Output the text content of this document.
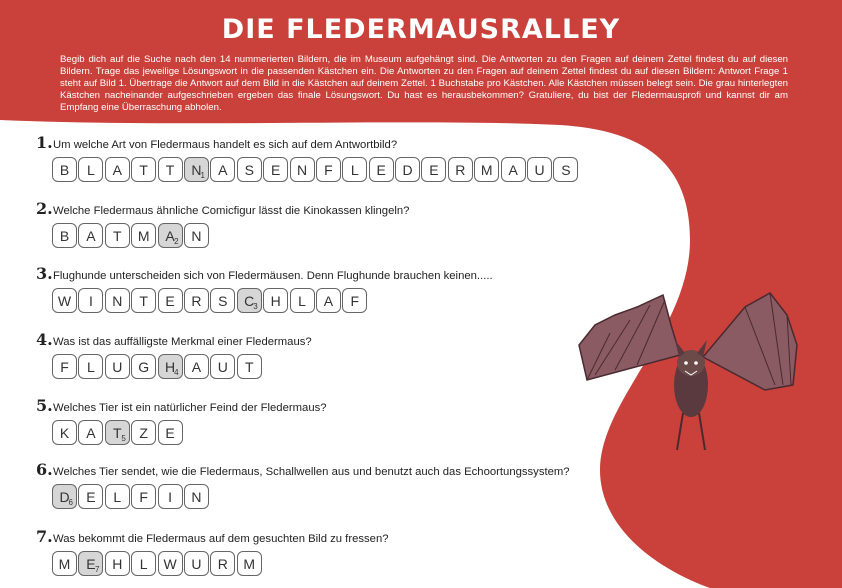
DIE FLEDERMAUSRALLEY
Begib dich auf die Suche nach den 14 nummerierten Bildern, die im Museum aufgehängt sind. Die Antworten zu den Fragen auf deinem Zettel findest du auf diesen Bildern. Trage das jeweilige Lösungswort in die passenden Kästchen ein. Die Antworten zu den Fragen auf deinem Zettel findest du auf diesen Bildern: Antwort Frage 1 steht auf Bild 1. Übertrage die Antwort auf dem Bild in die Kästchen auf deinem Zettel. 1 Buchstabe pro Kästchen. Alle Kästchen müssen belegt sein. Die grau hinterlegten Kästchen nacheinander aufgeschrieben ergeben das finale Lösungswort. Du hast es herausbekommen? Gratuliere, du bist der Fledermausprofi und kannst dir am Empfang eine Überraschung abholen.
1. Um welche Art von Fledermaus handelt es sich auf dem Antwortbild?
B L A T T N
1 A S E N F L E D E R M A U S
2. Welche Fledermaus ähnliche Comicfigur lässt die Kinokassen klingeln?
B A T M A 2 N
3. Flughunde unterscheiden sich von Fledermäusen. Denn Flughunde brauchen keinen.....
W I N T E R S C
3 H L A F
4. Was ist das auffälligste Merkmal einer Fledermaus?
F L U G H
4 A U T
5. Welches Tier ist ein natürlicher Feind der Fledermaus?
K A T 5 Z E
6. Welches Tier sendet, wie die Fledermaus, Schallwellen aus und benutzt auch das Echoortungssystem?
D
6 E L F I N
7. Was bekommt die Fledermaus auf dem gesuchten Bild zu fressen?
M E 7 H L W U R M
